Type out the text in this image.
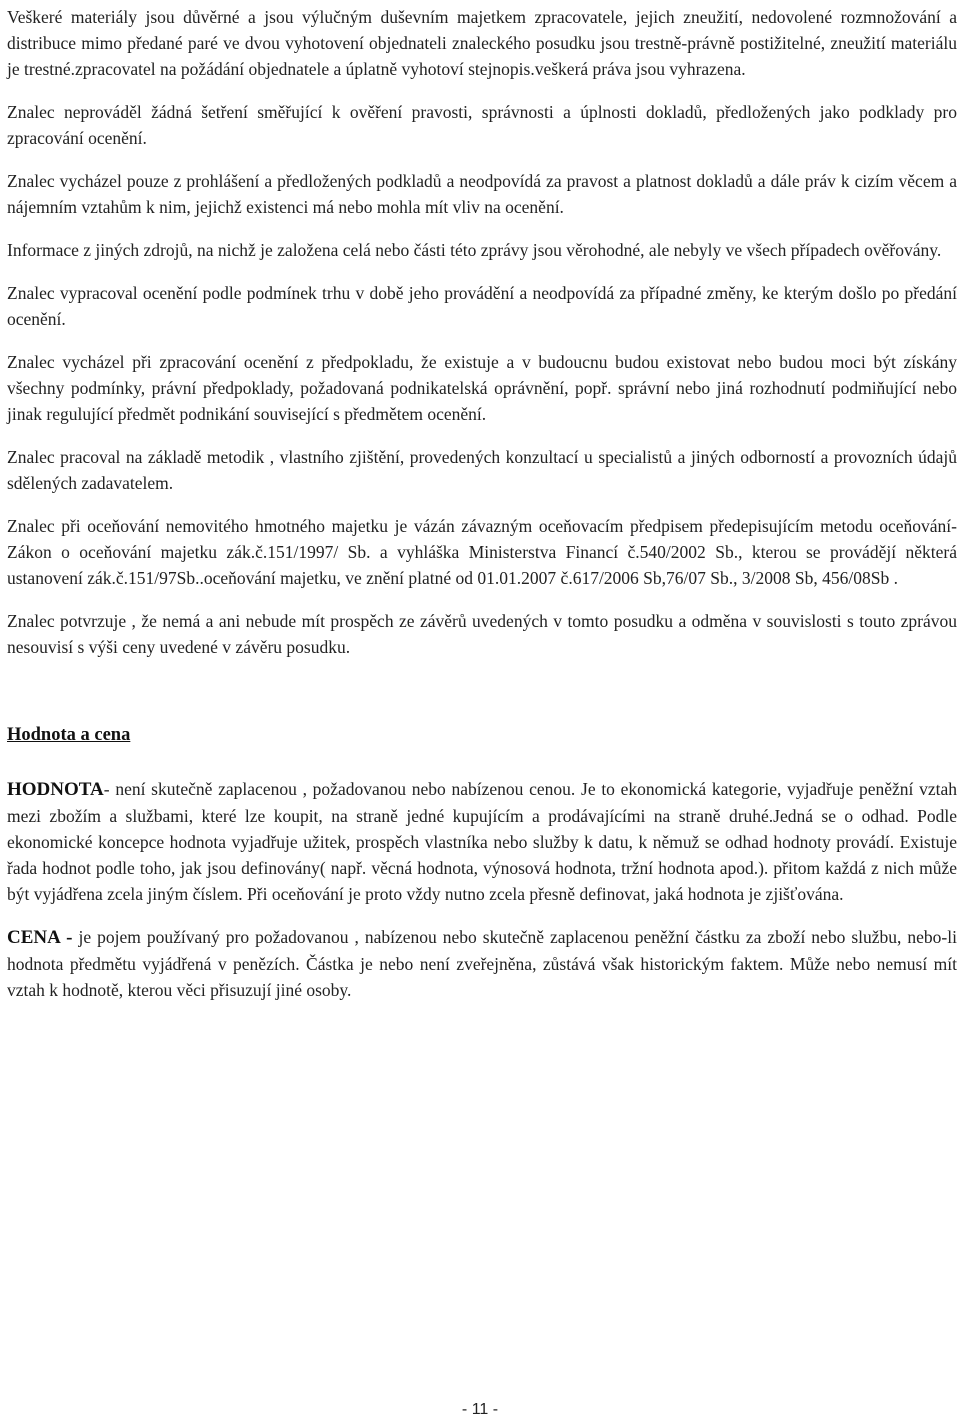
Veškeré materiály jsou důvěrné a jsou výlučným duševním majetkem zpracovatele, jejich zneužití, nedovolené rozmnožování a distribuce mimo předané paré ve dvou vyhotovení objednateli znaleckého posudku jsou trestně-právně postižitelné, zneužití materiálu je trestné.zpracovatel na požádání objednatele a úplatně vyhotoví stejnopis.veškerá práva jsou vyhrazena.

Znalec neprováděl žádná šetření směřující k ověření pravosti, správnosti a úplnosti dokladů, předložených jako podklady pro zpracování ocenění.

Znalec vycházel pouze z prohlášení a předložených podkladů a neodpovídá za pravost a platnost dokladů a dále práv k cizím věcem a nájemním vztahům k nim, jejichž existenci má nebo mohla mít vliv na ocenění.

Informace z jiných zdrojů, na nichž je založena celá nebo části této zprávy jsou věrohodné, ale nebyly ve všech případech ověřovány.

Znalec vypracoval ocenění podle podmínek trhu v době jeho provádění a neodpovídá za případné změny, ke kterým došlo po předání ocenění.

Znalec vycházel při zpracování ocenění z předpokladu, že existuje a v budoucnu budou existovat nebo budou moci být získány všechny podmínky, právní předpoklady, požadovaná podnikatelská oprávnění, popř. správní nebo jiná rozhodnutí podmiňující nebo jinak regulující předmět podnikání související s předmětem ocenění.

Znalec pracoval na základě metodik , vlastního zjištění, provedených konzultací u specialistů a jiných odborností a provozních údajů sdělených zadavatelem.

Znalec při oceňování nemovitého hmotného majetku je vázán závazným oceňovacím předpisem předepisujícím metodu oceňování-Zákon o oceňování majetku zák.č.151/1997/ Sb. a vyhláška Ministerstva Financí č.540/2002 Sb., kterou se provádějí některá ustanovení zák.č.151/97Sb..oceňování majetku, ve znění platné od 01.01.2007 č.617/2006 Sb,76/07 Sb., 3/2008 Sb, 456/08Sb .

Znalec potvrzuje , že nemá a ani nebude mít prospěch ze závěrů uvedených v tomto posudku a odměna v souvislosti s touto zprávou nesouvisí s výši ceny uvedené v závěru posudku.

Hodnota a cena

HODNOTA- není skutečně zaplacenou , požadovanou nebo nabízenou cenou. Je to ekonomická kategorie, vyjadřuje peněžní vztah mezi zbožím a službami, které lze koupit, na straně jedné kupujícím a prodávajícími na straně druhé.Jedná se o odhad. Podle ekonomické koncepce hodnota vyjadřuje užitek, prospěch vlastníka nebo služby k datu, k němuž se odhad hodnoty provádí. Existuje řada hodnot podle toho, jak jsou definovány( např. věcná hodnota, výnosová hodnota, tržní hodnota apod.). přitom každá z nich může být vyjádřena zcela jiným číslem. Při oceňování je proto vždy nutno zcela přesně definovat, jaká hodnota je zjišťována.

CENA - je pojem používaný pro požadovanou , nabízenou nebo skutečně zaplacenou peněžní částku za zboží nebo službu, nebo-li hodnota předmětu vyjádřená v penězích. Částka je nebo není zveřejněna, zůstává však historickým faktem. Může nebo nemusí mít vztah k hodnotě, kterou věci přisuzují jiné osoby.

- 11 -
